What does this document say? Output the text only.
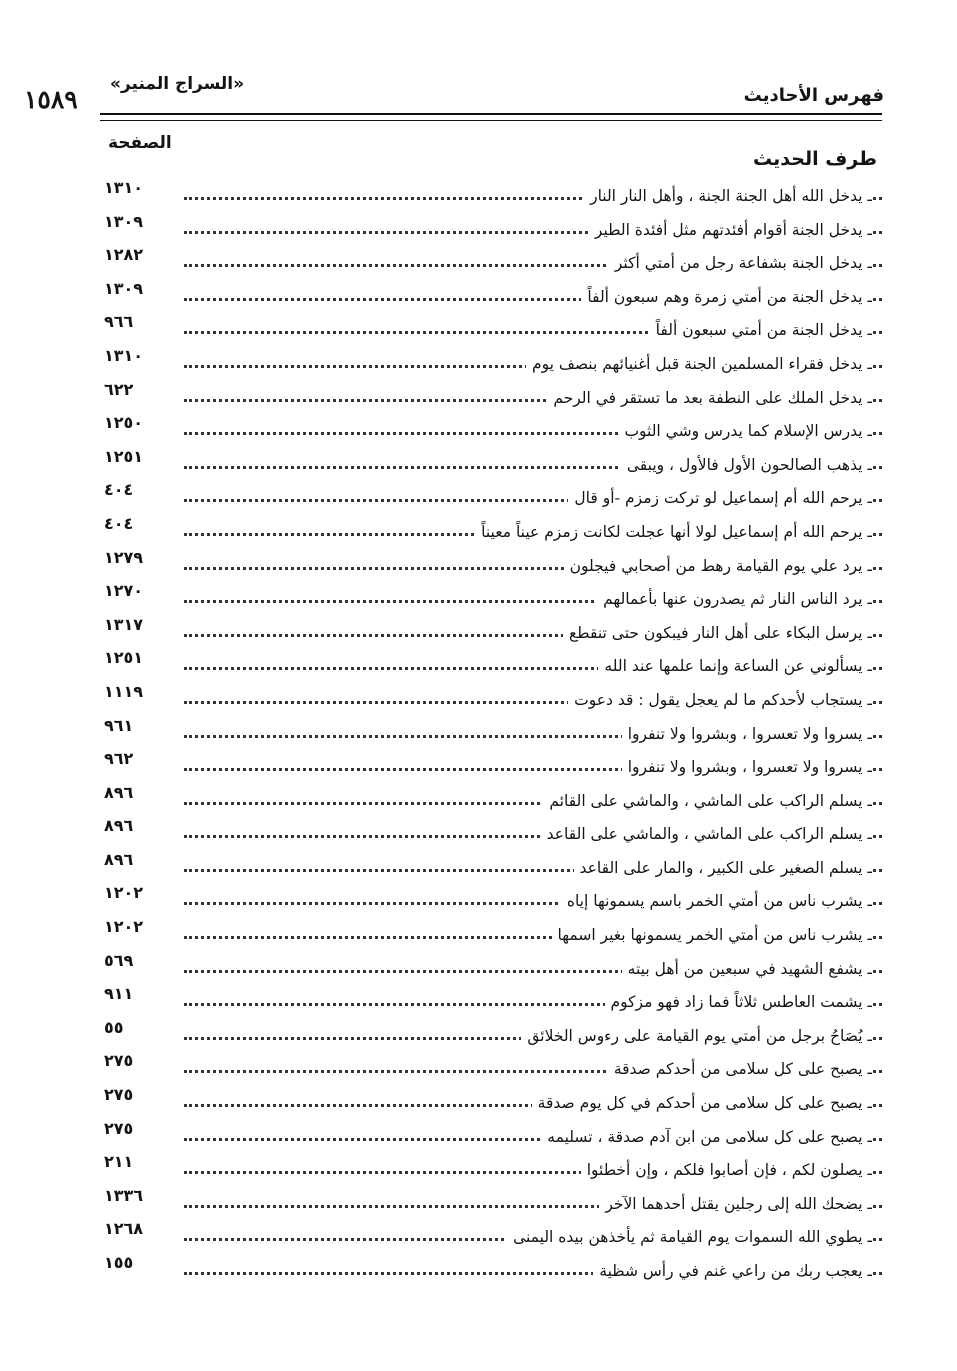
١٥٨٩
«السراج المنير»
فهرس الأحاديث
الصفحة
طرف الحديث
ـ يدخل الله أهل الجنة الجنة ، وأهل النار النار
١٣١٠
ـ يدخل الجنة أقوام أفئدتهم مثل أفئدة الطير
١٣٠٩
ـ يدخل الجنة بشفاعة رجل من أمتي أكثر
١٢٨٢
ـ يدخل الجنة من أمتي زمرة وهم سبعون ألفاً
١٣٠٩
ـ يدخل الجنة من أمتي سبعون ألفاً
٩٦٦
ـ يدخل فقراء المسلمين الجنة قبل أغنيائهم بنصف يوم
١٣١٠
ـ يدخل الملك على النطفة بعد ما تستقر في الرحم
٦٢٢
ـ يدرس الإسلام كما يدرس وشي الثوب
١٢٥٠
ـ يذهب الصالحون الأول فالأول ، ويبقى
١٢٥١
ـ يرحم الله أم إسماعيل لو تركت زمزم -أو قال
٤٠٤
ـ يرحم الله أم إسماعيل لولا أنها عجلت لكانت زمزم عيناً معيناً
٤٠٤
ـ يرد علي يوم القيامة رهط من أصحابي فيجلون
١٢٧٩
ـ يرد الناس النار ثم يصدرون عنها بأعمالهم
١٢٧٠
ـ يرسل البكاء على أهل النار فيبكون حتى تنقطع
١٣١٧
ـ يسألوني عن الساعة وإنما علمها عند الله
١٢٥١
ـ يستجاب لأحدكم ما لم يعجل يقول : قد دعوت
١١١٩
ـ يسروا ولا تعسروا ، وبشروا ولا تنفروا
٩٦١
ـ يسروا ولا تعسروا ، وبشروا ولا تنفروا
٩٦٢
ـ يسلم الراكب على الماشي ، والماشي على القائم
٨٩٦
ـ يسلم الراكب على الماشي ، والماشي على القاعد
٨٩٦
ـ يسلم الصغير على الكبير ، والمار على القاعد
٨٩٦
ـ يشرب ناس من أمتي الخمر باسم يسمونها إياه
١٢٠٢
ـ يشرب ناس من أمتي الخمر يسمونها بغير اسمها
١٢٠٢
ـ يشفع الشهيد في سبعين من أهل بيته
٥٦٩
ـ يشمت العاطس ثلاثاً فما زاد فهو مزكوم
٩١١
ـ يُصَاحُ برجل من أمتي يوم القيامة على رءوس الخلائق
٥٥
ـ يصبح على كل سلامى من أحدكم صدقة
٢٧٥
ـ يصبح على كل سلامى من أحدكم في كل يوم صدقة
٢٧٥
ـ يصبح على كل سلامى من ابن آدم صدقة ، تسليمه
٢٧٥
ـ يصلون لكم ، فإن أصابوا فلكم ، وإن أخطئوا
٢١١
ـ يضحك الله إلى رجلين يقتل أحدهما الآخر
١٣٣٦
ـ يطوي الله السموات يوم القيامة ثم يأخذهن بيده اليمنى
١٢٦٨
ـ يعجب ربك من راعي غنم في رأس شظية
١٥٥
